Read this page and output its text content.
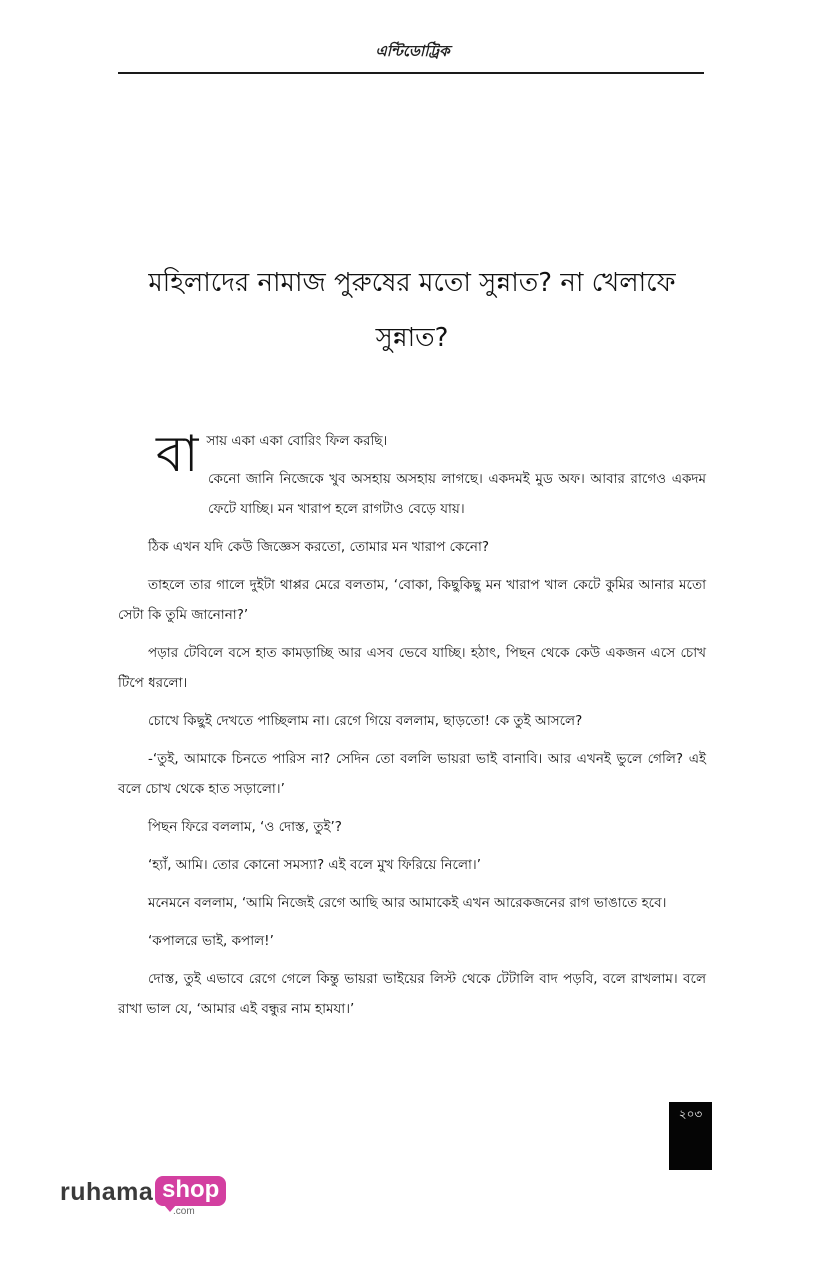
এন্টিডোট্রিক
মহিলাদের নামাজ পুরুষের মতো সুন্নাত? না খেলাফে সুন্নাত?

বা সায় একা একা বোরিং ফিল করছি।

কেনো জানি নিজেকে খুব অসহায় অসহায় লাগছে। একদমই মুড অফ। আবার রাগেও একদম ফেটে যাচ্ছি। মন খারাপ হলে রাগটাও বেড়ে যায়।

ঠিক এখন যদি কেউ জিজ্ঞেস করতো, তোমার মন খারাপ কেনো?

তাহলে তার গালে দুইটা থাপ্পর মেরে বলতাম, ‘বোকা, কিছুকিছু মন খারাপ খাল কেটে কুমির আনার মতো সেটা কি তুমি জানোনা?’

পড়ার টেবিলে বসে হাত কামড়াচ্ছি আর এসব ভেবে যাচ্ছি। হঠাৎ, পিছন থেকে কেউ একজন এসে চোখ টিপে ধরলো।

চোখে কিছুই দেখতে পাচ্ছিলাম না। রেগে গিয়ে বললাম, ছাড়তো! কে তুই আসলে?

-‘তুই, আমাকে চিনতে পারিস না? সেদিন তো বললি ভায়রা ভাই বানাবি। আর এখনই ভুলে গেলি? এই বলে চোখ থেকে হাত সড়ালো।’

পিছন ফিরে বললাম, ‘ও দোস্ত, তুই’?

‘হ্যাঁ, আমি। তোর কোনো সমস্যা? এই বলে মুখ ফিরিয়ে নিলো।’

মনেমনে বললাম, ‘আমি নিজেই রেগে আছি আর আমাকেই এখন আরেকজনের রাগ ভাঙাতে হবে।

‘কপালরে ভাই, কপাল!’

দোস্ত, তুই এভাবে রেগে গেলে কিন্তু ভায়রা ভাইয়ের লিস্ট থেকে টেটালি বাদ পড়বি, বলে রাখলাম। বলে রাখা ভাল যে, ‘আমার এই বন্ধুর নাম হামযা।’

২০৩
ruhama shop
.com
